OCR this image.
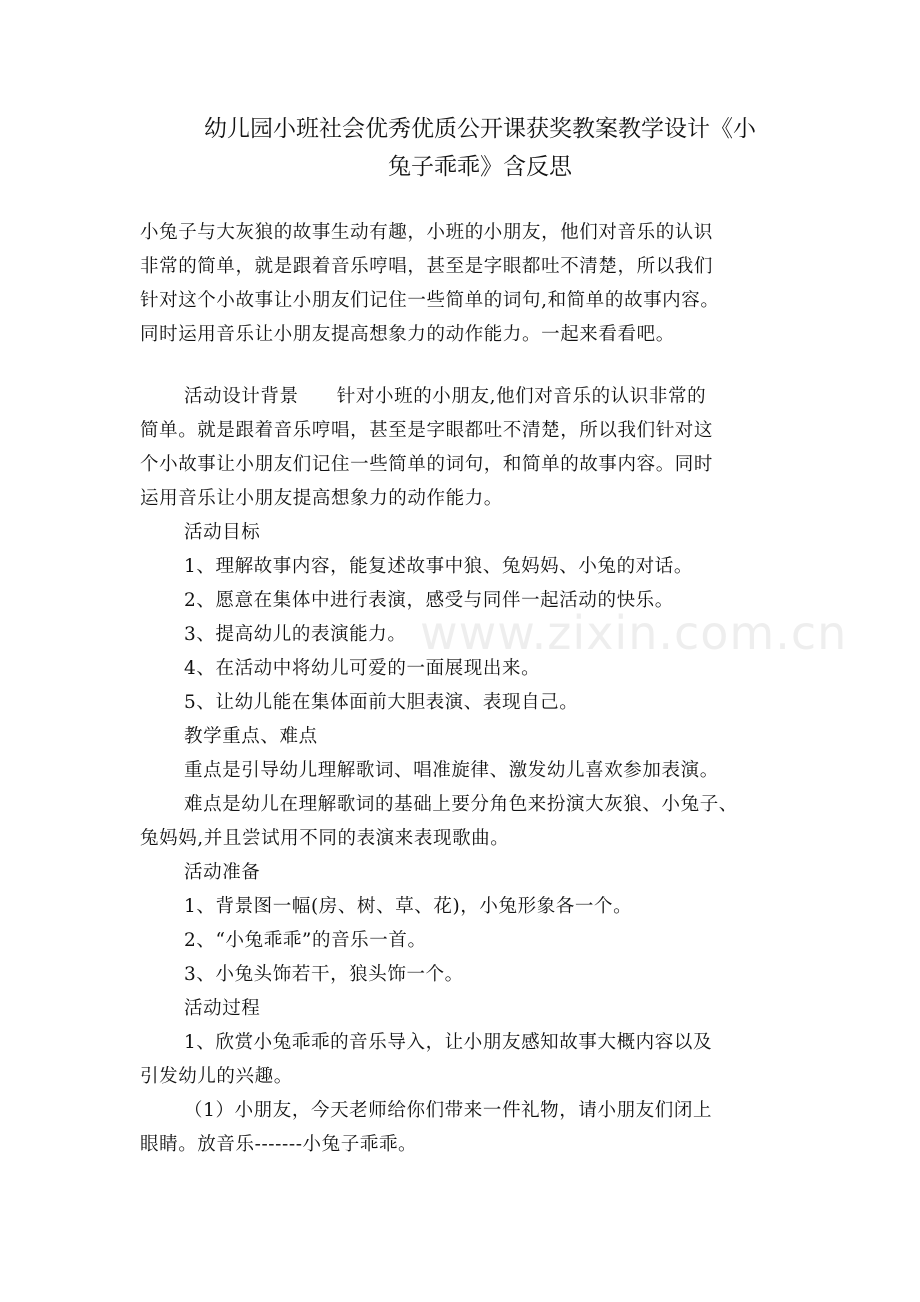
幼儿园小班社会优秀优质公开课获奖教案教学设计《小
兔子乖乖》含反思

小兔子与大灰狼的故事生动有趣，小班的小朋友，他们对音乐的认识

非常的简单，就是跟着音乐哼唱，甚至是字眼都吐不清楚，所以我们

针对这个小故事让小朋友们记住一些简单的词句,和简单的故事内容。

同时运用音乐让小朋友提高想象力的动作能力。一起来看看吧。

活动设计背景　　针对小班的小朋友,他们对音乐的认识非常的

简单。就是跟着音乐哼唱，甚至是字眼都吐不清楚，所以我们针对这

个小故事让小朋友们记住一些简单的词句，和简单的故事内容。同时

运用音乐让小朋友提高想象力的动作能力。

活动目标

1、理解故事内容，能复述故事中狼、兔妈妈、小兔的对话。

2、愿意在集体中进行表演，感受与同伴一起活动的快乐。

3、提高幼儿的表演能力。

4、在活动中将幼儿可爱的一面展现出来。

5、让幼儿能在集体面前大胆表演、表现自己。

教学重点、难点

重点是引导幼儿理解歌词、唱准旋律、激发幼儿喜欢参加表演。

难点是幼儿在理解歌词的基础上要分角色来扮演大灰狼、小兔子、

兔妈妈,并且尝试用不同的表演来表现歌曲。

活动准备

1、背景图一幅(房、树、草、花)，小兔形象各一个。

2、“小兔乖乖”的音乐一首。

3、小兔头饰若干，狼头饰一个。

活动过程

1、欣赏小兔乖乖的音乐导入，让小朋友感知故事大概内容以及

引发幼儿的兴趣。

（1）小朋友，今天老师给你们带来一件礼物，请小朋友们闭上

眼睛。放音乐-------小兔子乖乖。

www.zixin.com.cn
